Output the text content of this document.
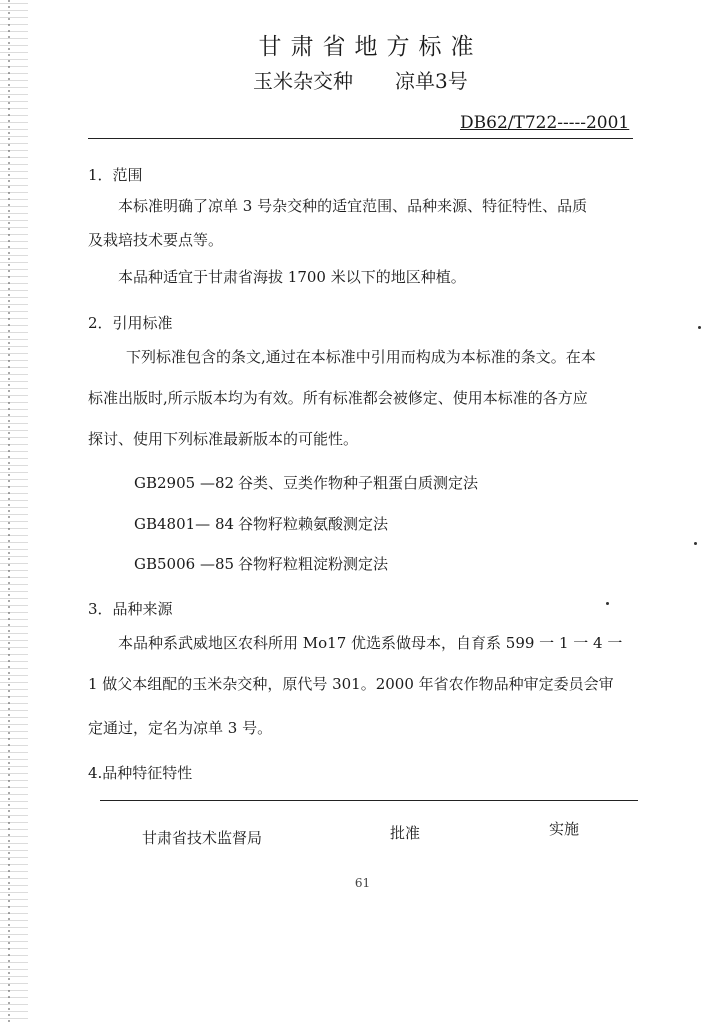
甘肃省地方标准
玉米杂交种 凉单3号
DB62/T722-----2001
1．范围
本标准明确了凉单 3 号杂交种的适宜范围、品种来源、特征特性、品质
及栽培技术要点等。
本品种适宜于甘肃省海拔 1700 米以下的地区种植。
2．引用标准
下列标准包含的条文,通过在本标准中引用而构成为本标准的条文。在本
标准出版时,所示版本均为有效。所有标准都会被修定、使用本标准的各方应
探讨、使用下列标准最新版本的可能性。
GB2905 —82 谷类、豆类作物种子粗蛋白质测定法
GB4801— 84 谷物籽粒赖氨酸测定法
GB5006 —85 谷物籽粒粗淀粉测定法
3．品种来源
本品种系武威地区农科所用 Mo17 优选系做母本，自育系 599 一 1 一 4 一
1 做父本组配的玉米杂交种，原代号 301。2000 年省农作物品种审定委员会审
定通过，定名为凉单 3 号。
4.品种特征特性
甘肃省技术监督局	批准	实施
61
